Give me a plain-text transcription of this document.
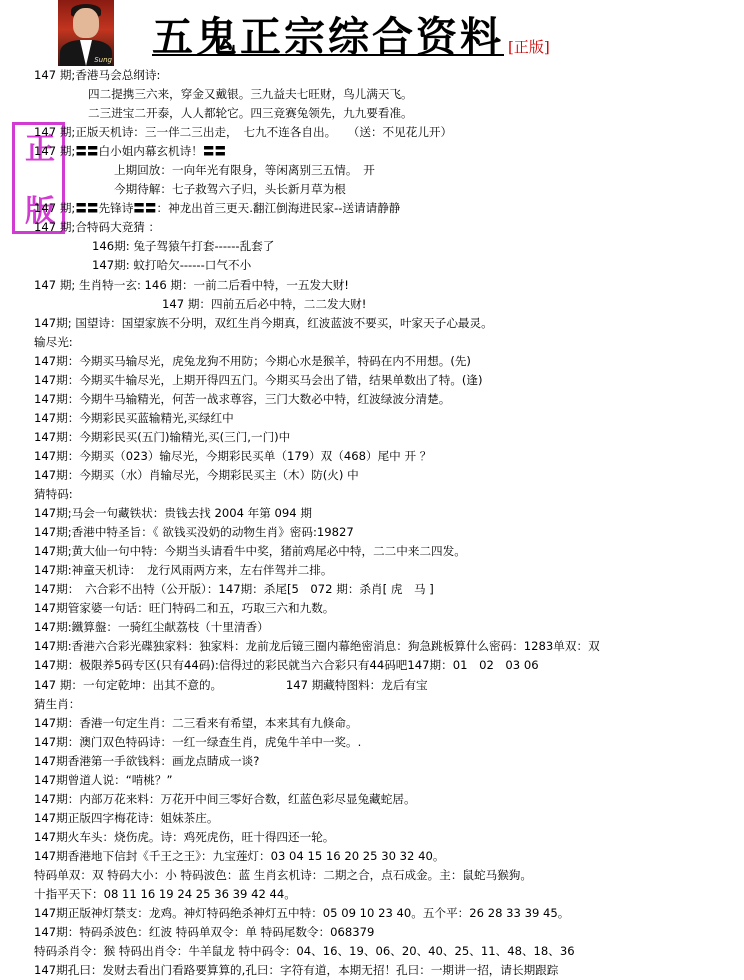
Sung 五鬼正宗综合资料 [正版]
正
版
147 期;香港马会总纲诗:
四二提携三六来，穿金又戴银。三九益夫七旺财，鸟儿满天飞。
二三进宝二开泰，人人都轮它。四三竞赛兔领先，九九要看准。
147 期;正版天机诗：三一伴二三出走，　七九不连各自出。　　（送：不见花儿开）
147 期;〓〓白小姐内幕玄机诗！〓〓
上期回放：一向年光有限身，等闲离别三五情。　开
今期待解：七子救驾六子归，头长新月草为根
147 期;〓〓先锋诗〓〓：神龙出首三更天.翻江倒海进民家--送请请静静
147 期;合特码大竞猜 ：
146期: 兔子驾猿午打套------乱套了
147期: 蚊打哈欠------口气不小
147 期; 生肖特一玄: 146 期：一前二后看中特，一五发大财!
147 期：四前五后必中特，二二发大财!
147期; 国望诗：国望家族不分明，双红生肖今期真，红波蓝波不要买，叶家天子心最灵。
输尽光:
147期：今期买马输尽光，虎兔龙狗不用防；今期心水是猴羊，特码在内不用想。(先)
147期：今期买牛输尽光，上期开得四五门。今期买马会出了错，结果单数出了特。(逢)
147期：今期牛马输精光，何苦一战求尊容，三门大数必中特，红波绿波分清楚。
147期：今期彩民买蓝输精光,买绿红中
147期：今期彩民买(五门)输精光,买(三门,一门)中
147期：今期买（023）输尽光，今期彩民买单（179）双（468）尾中 开 ？
147期：今期买（水）肖输尽光，今期彩民买主（木）防(火) 中
猜特码:
147期;马会一句藏铁状：贵钱去找 2004 年第 094 期
147期;香港中特圣旨：《 欲钱买没奶的动物生肖》密码:19827
147期;黄大仙一句中特：今期当头请看牛中奖，猪前鸡尾必中特，二二中来二四发。
147期:神童天机诗：　龙行风雨两方来，左右伴驾并二排。
147期：　六合彩不出特（公开版）：147期：杀尾[5　072 期：杀肖[ 虎　马 ]
147期管家婆一句话：旺门特码二和五，巧取三六和九数。
147期:鐵算盤：一骑红尘献荔枝（十里清香）
147期:香港六合彩光碟独家料：独家料：龙前龙后镜三圈内幕绝密消息：狗急跳板算什么密码：1283单双：双
147期：极限养5码专区(只有44码):信得过的彩民就当六合彩只有44码吧147期：01　02　03 06
147 期：一句定乾坤：出其不意的。　　　　　　147 期藏特图料：龙后有宝
猜生肖：
147期：香港一句定生肖：二三看来有希望，本来其有九倏命。
147期：澳门双色特码诗：一红一绿查生肖，虎兔牛羊中一奖。.
147期香港第一手欲钱料：画龙点睛成一谈?
147期曾道人说：“啃桃？”
147期：内部万花来料：万花开中间三零好合数，红蓝色彩尽显兔藏蛇居。
147期正版四字梅花诗：姐妹茶庄。
147期火车头：烧伤虎。诗：鸡死虎伤，旺十得四还一轮。
147期香港地下信封《千王之王》：九宝莲灯：03 04 15 16 20 25 30 32 40。
特码单双：双 特码大小：小 特码波色：蓝 生肖玄机诗：二期之合，点石成金。主：鼠蛇马猴狗。
十指平天下：08 11 16 19 24 25 36 39 42 44。
147期正版神灯禁支：龙鸡。神灯特码绝杀神灯五中特：05 09 10 23 40。五个平：26 28 33 39 45。
147期：特码杀波色：红波 特码单双令：单 特码尾数令：068379
特码杀肖令：猴 特码出肖令：牛羊鼠龙 特中码令：04、16、19、06、20、40、25、11、48、18、36
147期孔曰：发财去看出门看路要算算的,孔曰：字符有道，本期无招！孔曰：一期讲一招，请长期跟踪
